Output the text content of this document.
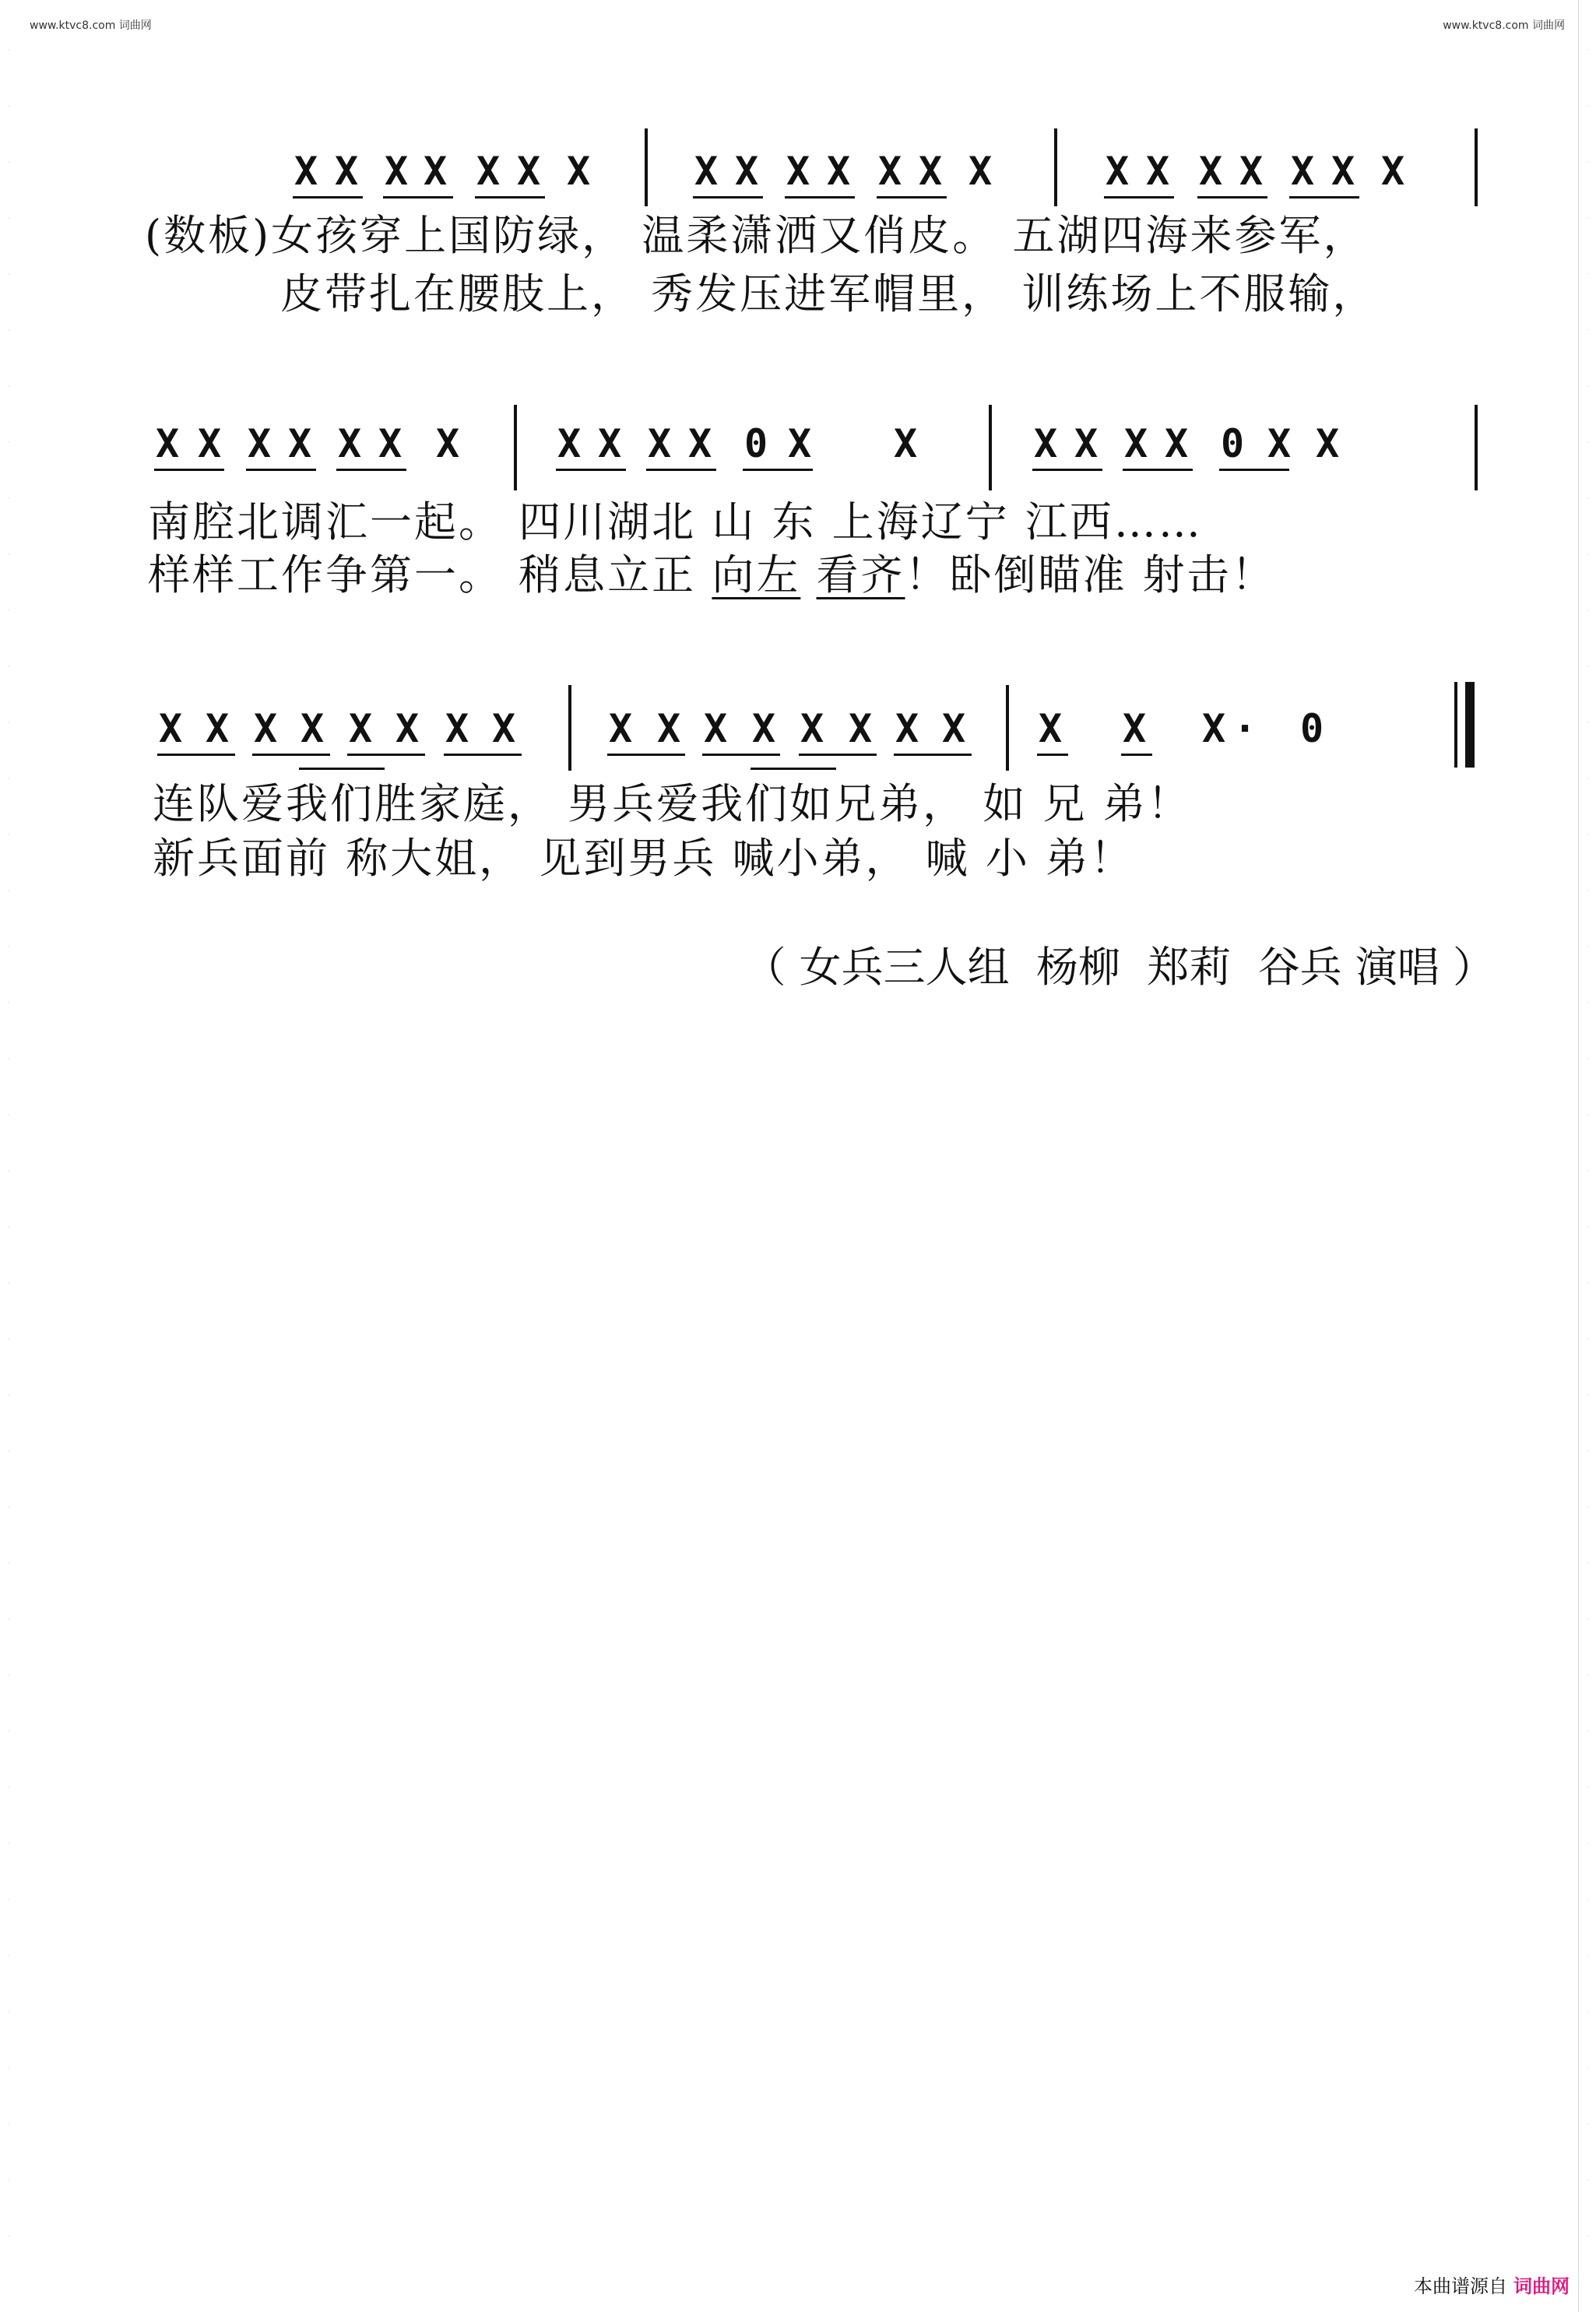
www.ktvc8.com 词曲网	www.ktvc8.com 词曲网
·
·
·
·
·
·
·
·
·
·
·
·
·
·
·
·
·
·
·
·
·
·
·
·
·
·
·
·
·
·
·
·
·
·
·
·
·
·
·
·
·
·
·
·
·
·
·
·
·
·
·
·
·
·
·
·
·
·
·
·
·
·
·
·
·
·
·
·
·
·
·
·
·
·
·
·
·
·
·
·

X

X

X

X

X

X

X

	X

X

X

X

X

X

X

	X

X

X

X

X

X

X

(数板)女孩穿上国防绿， 温柔潇洒又俏皮。 五湖四海来参军，
皮带扎在腰肢上， 秀发压进军帽里， 训练场上不服输，

X

X

X

X

X

X

X

	X

X

X

X

0

X

X

	X

X

X

X

0

X

X

南腔北调汇一起。 四川湖北 山 东 上海辽宁 江西……
样样工作争第一。 稍息立正 向左 看齐！卧倒瞄准 射击！

X

X

X

X

X

X

X

X

X

X

X

X

X

X

X

X

X

X

X

·

0

连队爱我们胜家庭， 男兵爱我们如兄弟， 如 兄 弟！
新兵面前 称大姐， 见到男兵 喊小弟， 喊 小 弟！
（ 女兵三人组  杨柳  郑莉  谷兵 演唱 ）
本曲谱源自 词曲网
